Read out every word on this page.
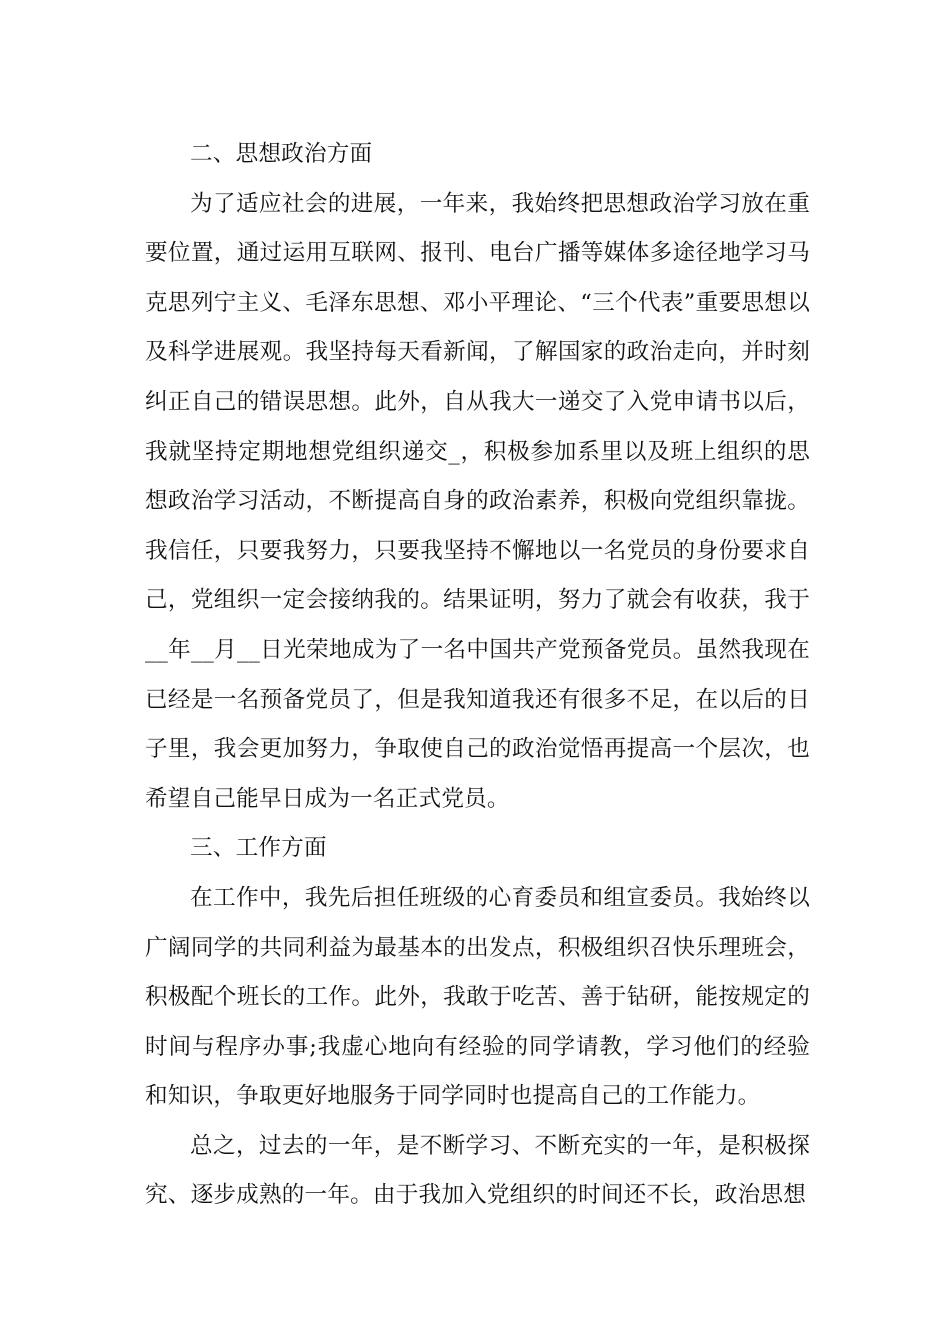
二、思想政治方面

为了适应社会的进展，一年来，我始终把思想政治学习放在重要位置，通过运用互联网、报刊、电台广播等媒体多途径地学习马克思列宁主义、毛泽东思想、邓小平理论、“三个代表”重要思想以及科学进展观。我坚持每天看新闻，了解国家的政治走向，并时刻纠正自己的错误思想。此外，自从我大一递交了入党申请书以后，我就坚持定期地想党组织递交_，积极参加系里以及班上组织的思想政治学习活动，不断提高自身的政治素养，积极向党组织靠拢。我信任，只要我努力，只要我坚持不懈地以一名党员的身份要求自己，党组织一定会接纳我的。结果证明，努力了就会有收获，我于__年__月__日光荣地成为了一名中国共产党预备党员。虽然我现在已经是一名预备党员了，但是我知道我还有很多不足，在以后的日子里，我会更加努力，争取使自己的政治觉悟再提高一个层次，也希望自己能早日成为一名正式党员。

三、工作方面

在工作中，我先后担任班级的心育委员和组宣委员。我始终以广阔同学的共同利益为最基本的出发点，积极组织召快乐理班会，积极配个班长的工作。此外，我敢于吃苦、善于钻研，能按规定的时间与程序办事;我虚心地向有经验的同学请教，学习他们的经验和知识，争取更好地服务于同学同时也提高自己的工作能力。

总之，过去的一年，是不断学习、不断充实的一年，是积极探究、逐步成熟的一年。由于我加入党组织的时间还不长，政治思想
